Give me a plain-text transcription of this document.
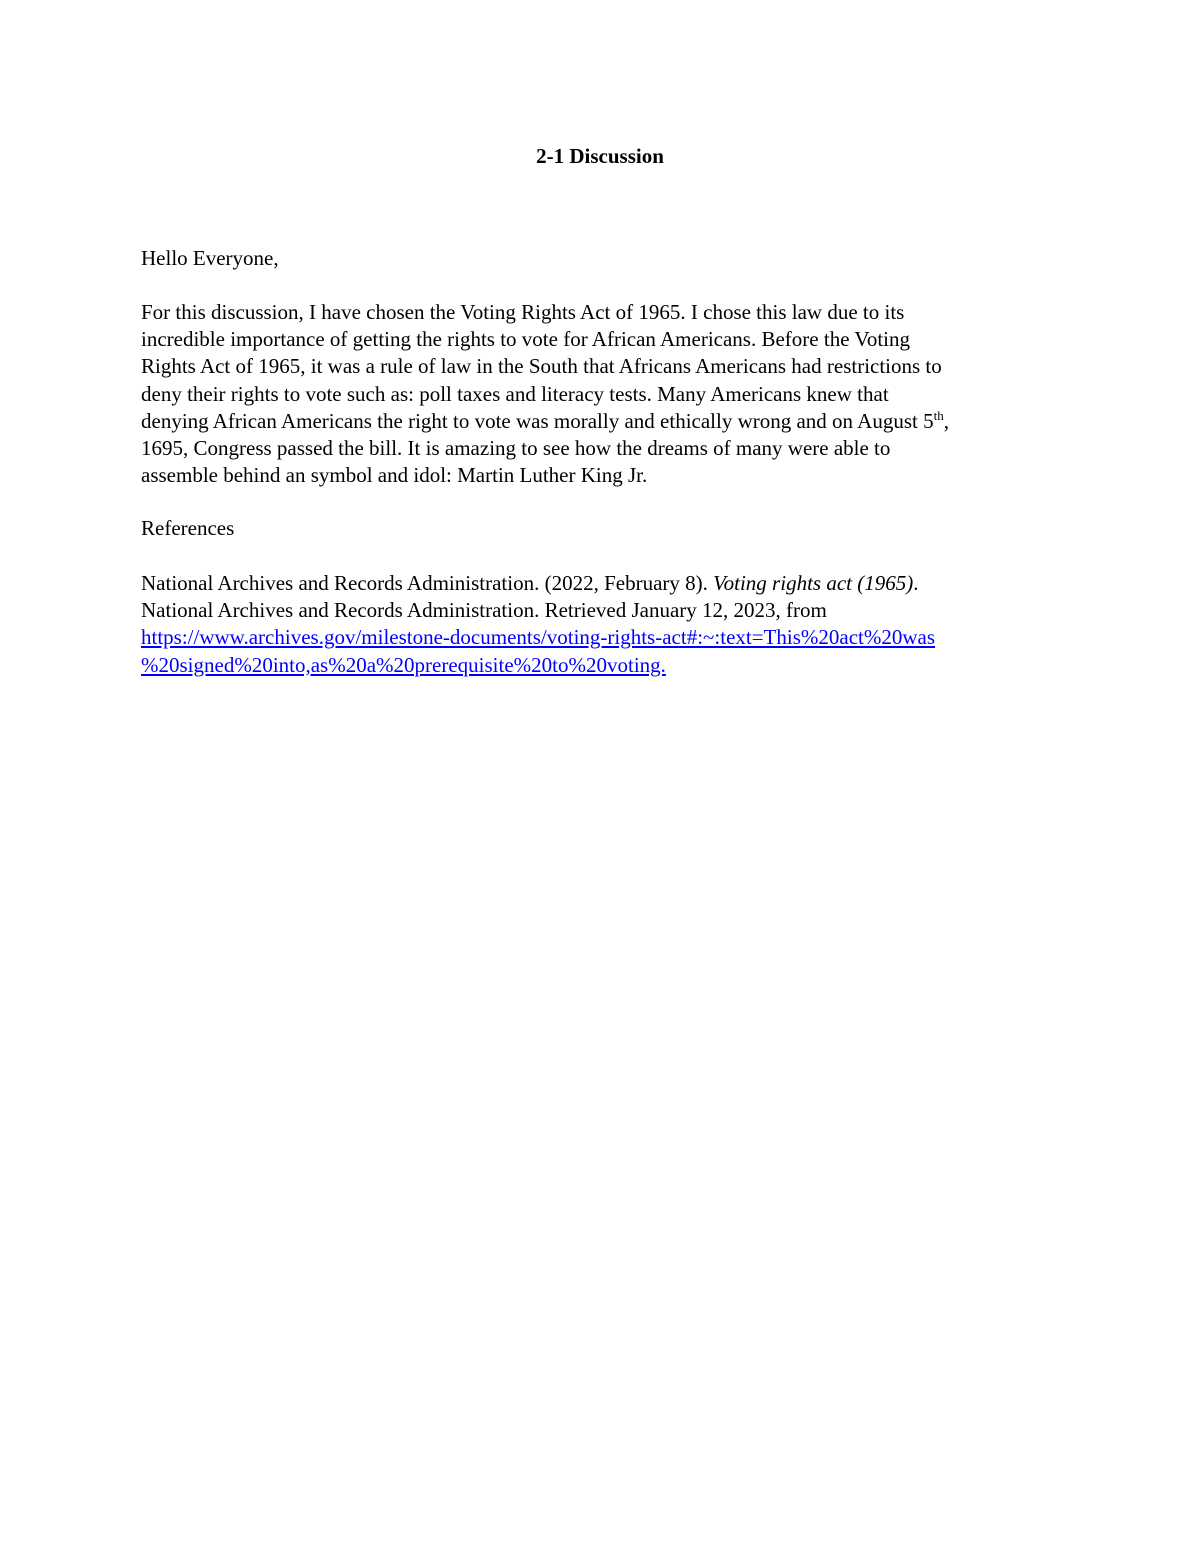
2-1 Discussion

Hello Everyone,

For this discussion, I have chosen the Voting Rights Act of 1965. I chose this law due to its
incredible importance of getting the rights to vote for African Americans. Before the Voting
Rights Act of 1965, it was a rule of law in the South that Africans Americans had restrictions to
deny their rights to vote such as: poll taxes and literacy tests. Many Americans knew that
denying African Americans the right to vote was morally and ethically wrong and on August 5th,
1695, Congress passed the bill. It is amazing to see how the dreams of many were able to
assemble behind an symbol and idol: Martin Luther King Jr.

References

National Archives and Records Administration. (2022, February 8). Voting rights act (1965).
National Archives and Records Administration. Retrieved January 12, 2023, from
https://www.archives.gov/milestone-documents/voting-rights-act#:~:text=This%20act%20was
%20signed%20into,as%20a%20prerequisite%20to%20voting.
